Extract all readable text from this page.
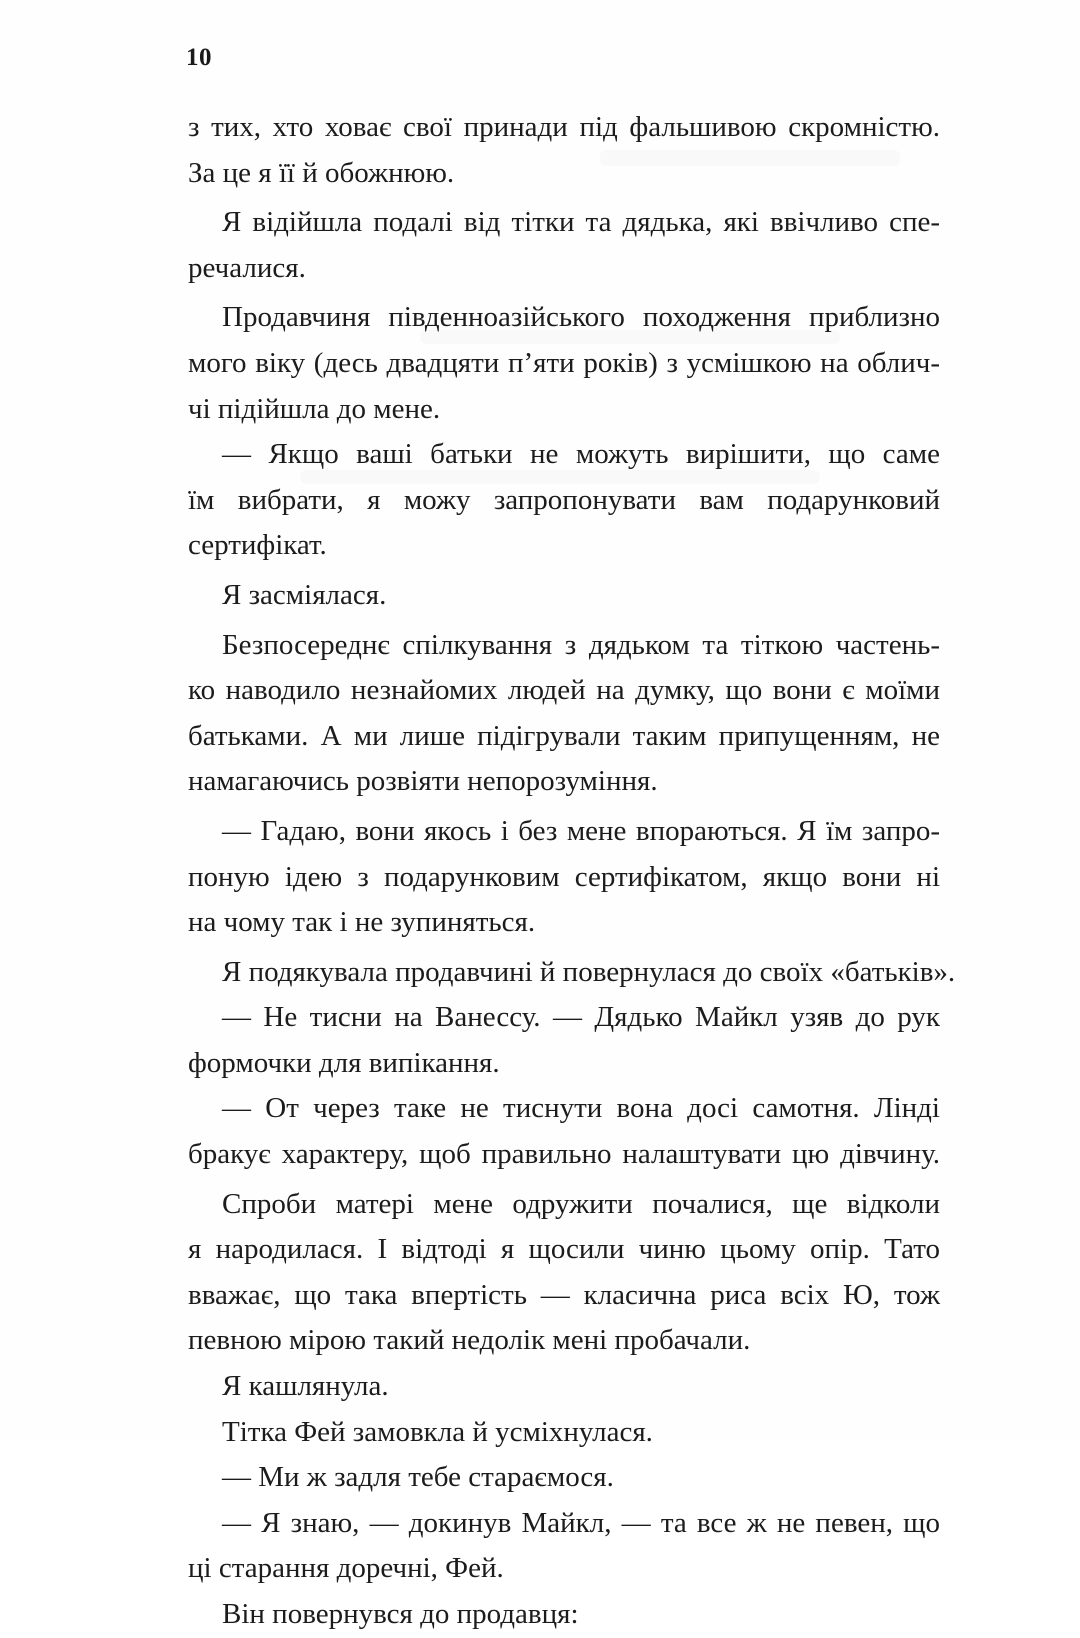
10
з тих, хто ховає свої принади під фальшивою скромністю.
За це я її й обожнюю.
Я відійшла подалі від тітки та дядька, які ввічливо спе-
речалися.
Продавчиня південноазійського походження приблизно
мого віку (десь двадцяти п’яти років) з усмішкою на облич-
чі підійшла до мене.
— Якщо ваші батьки не можуть вирішити, що саме
їм вибрати, я можу запропонувати вам подарунковий
сертифікат.
Я засміялася.
Безпосереднє спілкування з дядьком та тіткою частень-
ко наводило незнайомих людей на думку, що вони є моїми
батьками. А ми лише підігрували таким припущенням, не
намагаючись розвіяти непорозуміння.
— Гадаю, вони якось і без мене впораються. Я їм запро-
поную ідею з подарунковим сертифікатом, якщо вони ні
на чому так і не зупиняться.
Я подякувала продавчині й повернулася до своїх «батьків».
— Не тисни на Ванессу. — Дядько Майкл узяв до рук
формочки для випікання.
— От через таке не тиснути вона досі самотня. Лінді
бракує характеру, щоб правильно налаштувати цю дівчину.
Спроби матері мене одружити почалися, ще відколи
я народилася. І відтоді я щосили чиню цьому опір. Тато
вважає, що така впертість — класична риса всіх Ю, тож
певною мірою такий недолік мені пробачали.
Я кашлянула.
Тітка Фей замовкла й усміхнулася.
— Ми ж задля тебе стараємося.
— Я знаю, — докинув Майкл, — та все ж не певен, що
ці старання доречні, Фей.
Він повернувся до продавця:
